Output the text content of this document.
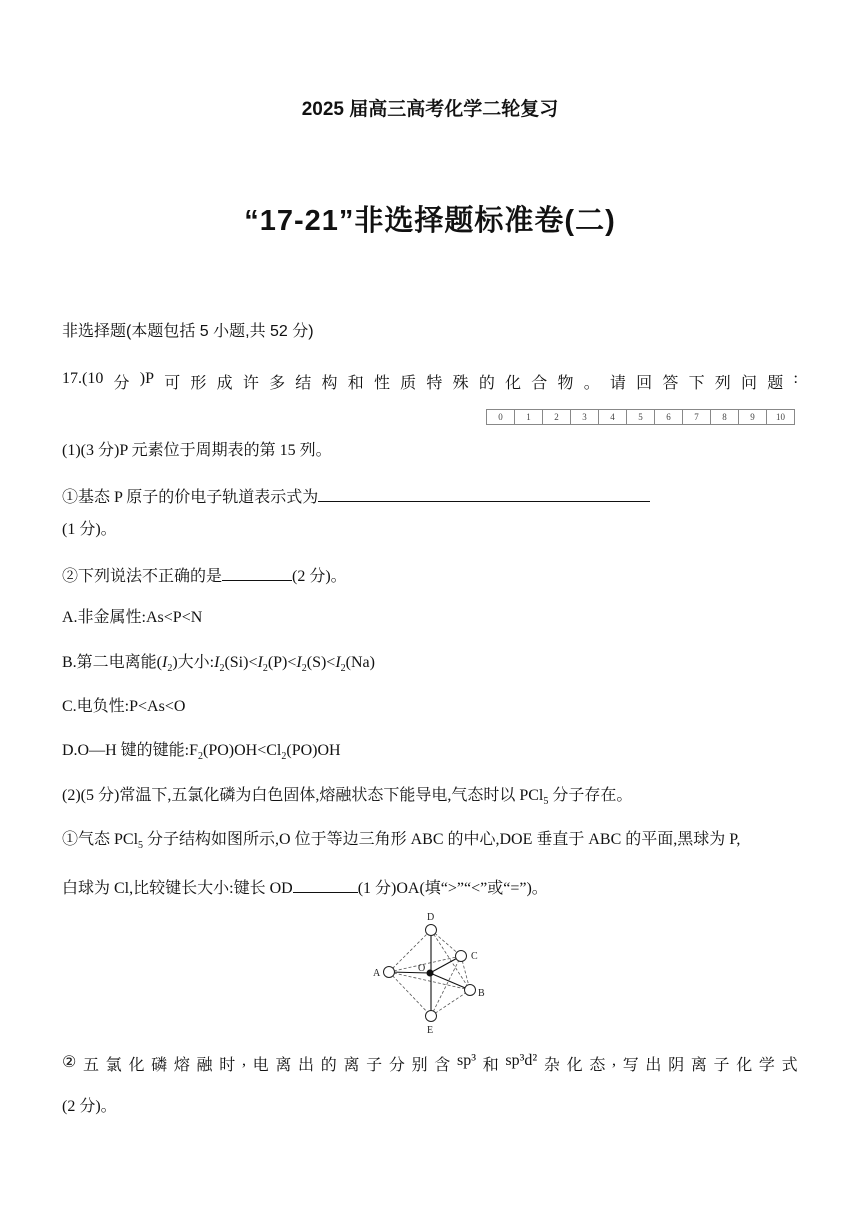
2025 届高三高考化学二轮复习
“17-21”非选择题标准卷(二)
非选择题(本题包括 5 小题,共 52 分)
17.(10 分 )P 可 形 成 许 多 结 构 和 性 质 特 殊 的 化 合 物 。 请 回 答 下 列 问 题 :
0	1	2	3	4	5	6	7	8	9	10
(1)(3 分)P 元素位于周期表的第 15 列。
①基态 P 原子的价电子轨道表示式为
(1 分)。
②下列说法不正确的是	(2 分)。
A.非金属性:As<P<N
B.第二电离能$(I_2)$大小$:I_2(Si)<I_2(P)<I_2(S)<I_2(Na)$
C.电负性:P<As<O
D.O—H 键的键能$:F_2(PO)OH<Cl_2(PO)OH$
(2)(5 分)常温下,五氯化磷为白色固体,熔融状态下能导电,气态时以 PCl$_5$ 分子存在。
①气态 PCl$_5$ 分子结构如图所示,O 位于等边三角形 ABC 的中心,DOE 垂直于 ABC 的平面,黑球为 P,
白球为 Cl,比较键长大小:键长 OD	(1 分)OA(填“>”“<”或“=”)。
D
C
A	O
B
E
② 五 氯 化 磷 熔 融 时 , 电 离 出 的 离 子 分 别 含 sp³ 和 sp³d² 杂 化 态 , 写 出 阴 离 子 化 学 式
(2 分)。
